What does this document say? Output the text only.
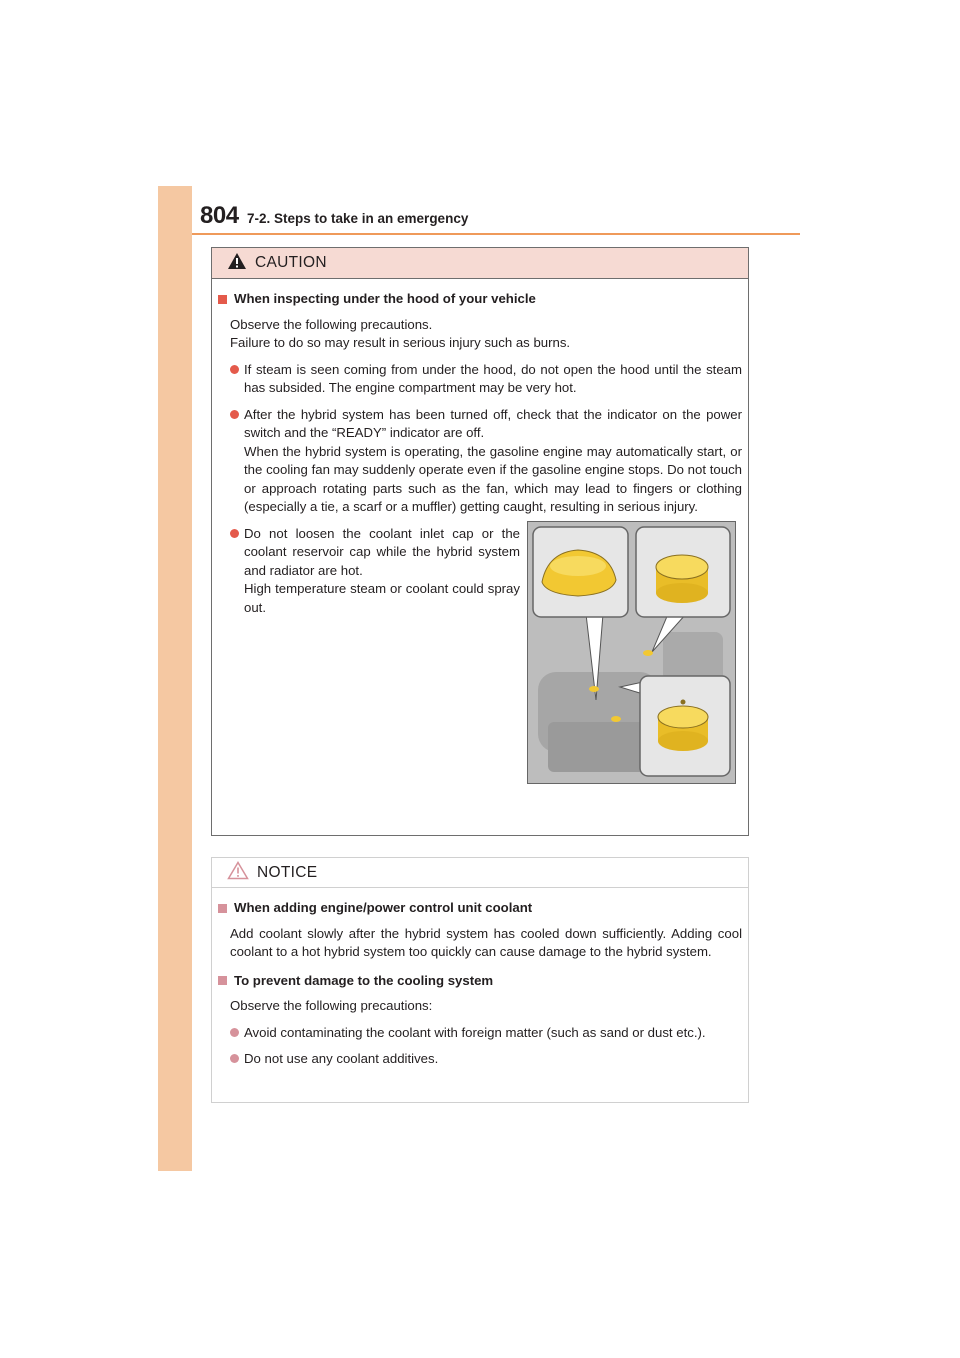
804 7-2. Steps to take in an emergency
CAUTION
When inspecting under the hood of your vehicle

Observe the following precautions.
Failure to do so may result in serious injury such as burns.

If steam is seen coming from under the hood, do not open the hood until the steam has subsided. The engine compartment may be very hot.

After the hybrid system has been turned off, check that the indicator on the power switch and the “READY” indicator are off.

When the hybrid system is operating, the gasoline engine may automatically start, or the cooling fan may suddenly operate even if the gasoline engine stops. Do not touch or approach rotating parts such as the fan, which may lead to fingers or clothing (especially a tie, a scarf or a muffler) getting caught, resulting in serious injury.

Do not loosen the coolant inlet cap or the coolant reservoir cap while the hybrid system and radiator are hot.

High temperature steam or coolant could spray out.

NOTICE
When adding engine/power control unit coolant

Add coolant slowly after the hybrid system has cooled down sufficiently. Adding cool coolant to a hot hybrid system too quickly can cause damage to the hybrid system.

To prevent damage to the cooling system

Observe the following precautions:

Avoid contaminating the coolant with foreign matter (such as sand or dust etc.).

Do not use any coolant additives.
